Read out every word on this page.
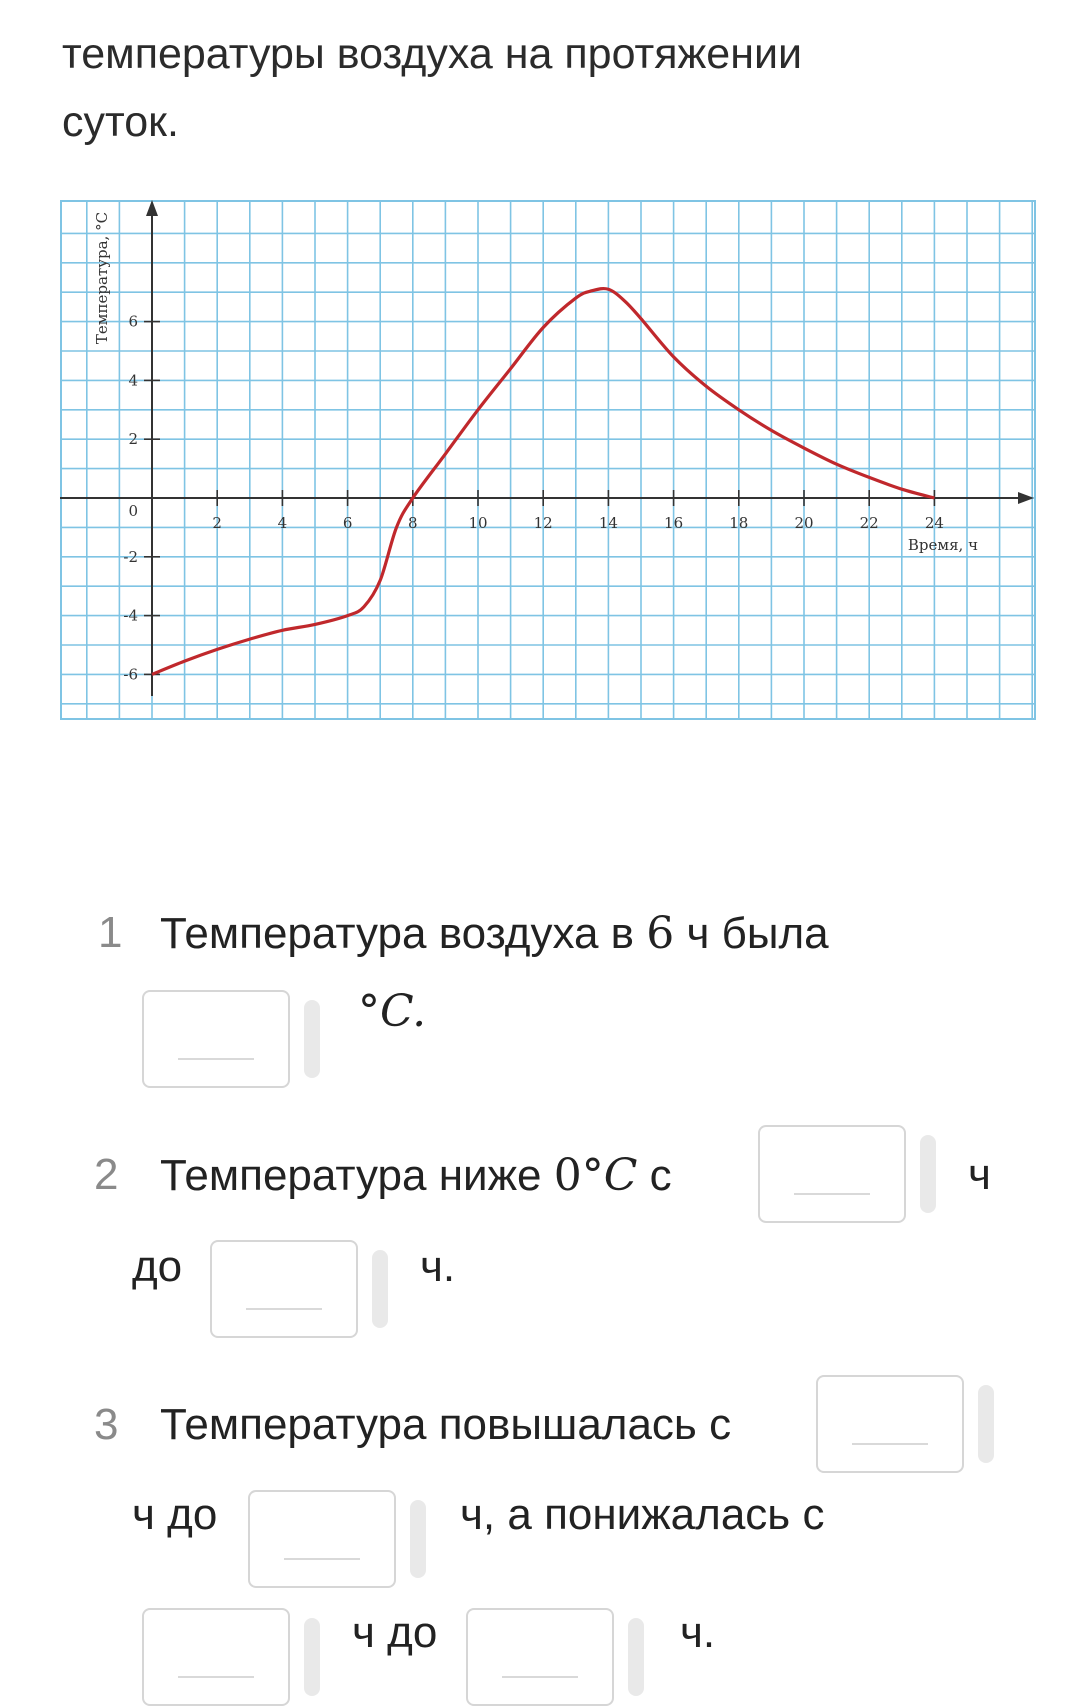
температуры воздуха на протяжении
суток.
2	4	6	8	10	12	14	16	18	20	22	24
-6
-4
-2
0
2
4
6
Температура, °С
Время, ч
1 Температура воздуха в 6 ч была
°C.
2 Температура ниже 0°C с	ч
до	ч.
3 Температура повышалась с
ч до	ч, а понижалась с
ч до	ч.
